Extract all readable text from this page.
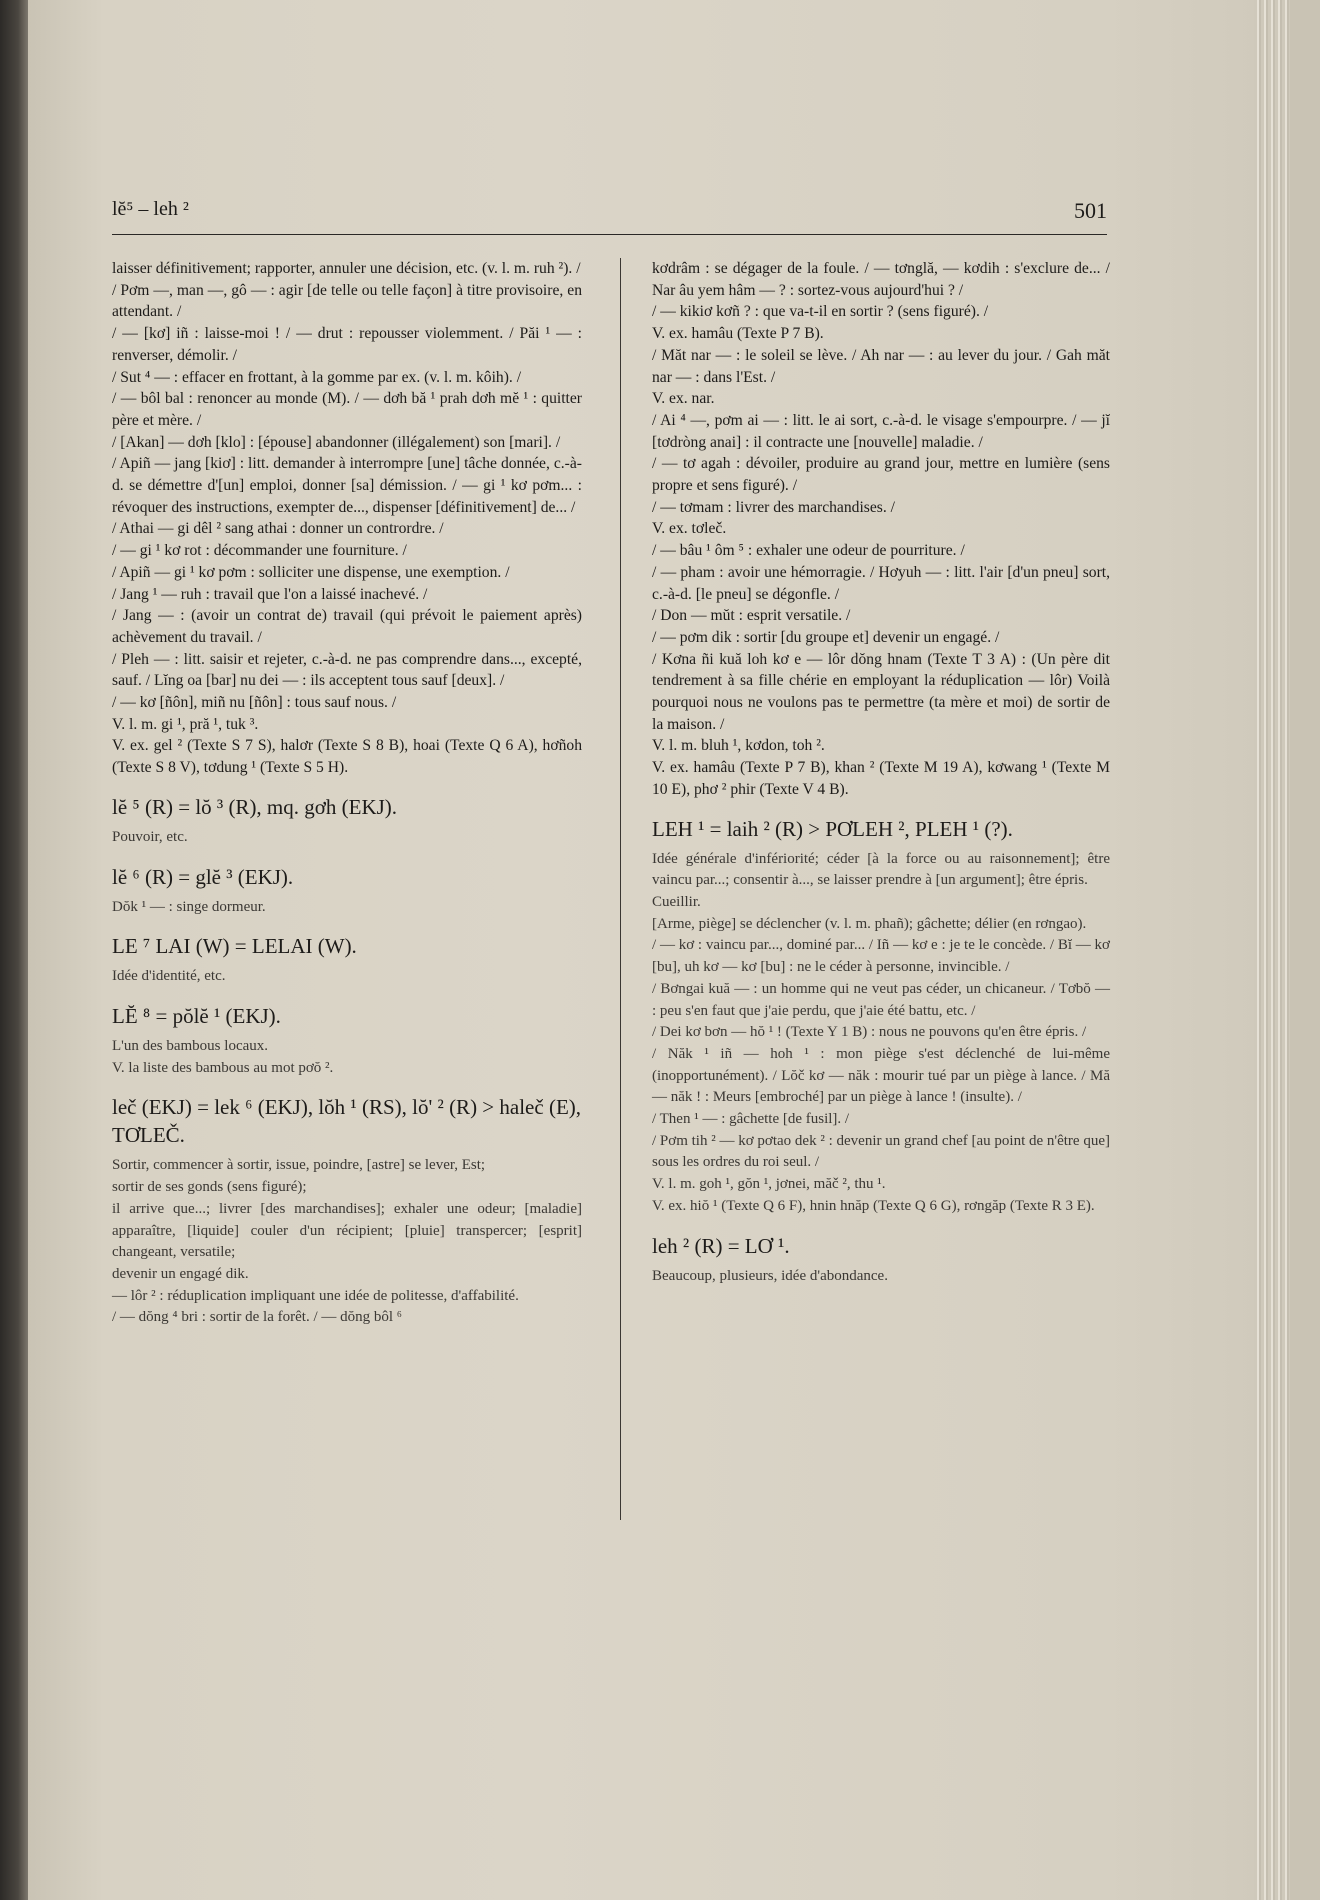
lĕ⁵ – leh ²	501

laisser définitivement; rapporter, annuler une décision, etc. (v. l. m. ruh ²). /

/ Pơm —, man —, gô — : agir [de telle ou telle façon] à titre provisoire, en attendant. /

/ — [kơ] iñ : laisse-moi ! / — drut : repousser violemment. / Păi ¹ — : renverser, démolir. /

/ Sut ⁴ — : effacer en frottant, à la gomme par ex. (v. l. m. kôih). /

/ — bôl bal : renoncer au monde (M). / — dơh bă ¹ prah dơh mĕ ¹ : quitter père et mère. /

/ [Akan] — dơh [klo] : [épouse] abandonner (illégalement) son [mari]. /

/ Apiñ — jang [kiơ] : litt. demander à interrompre [une] tâche donnée, c.-à-d. se démettre d'[un] emploi, donner [sa] démission. / — gi ¹ kơ pơm... : révoquer des instructions, exempter de..., dispenser [définitivement] de... /

/ Athai — gi dêl ² sang athai : donner un contrordre. /

/ — gi ¹ kơ rot : décommander une fourniture. /

/ Apiñ — gi ¹ kơ pơm : solliciter une dispense, une exemption. /

/ Jang ¹ — ruh : travail que l'on a laissé inachevé. /

/ Jang — : (avoir un contrat de) travail (qui prévoit le paiement après) achèvement du travail. /

/ Pleh — : litt. saisir et rejeter, c.-à-d. ne pas comprendre dans..., excepté, sauf. / Lĭng oa [bar] nu dei — : ils acceptent tous sauf [deux]. /

/ — kơ [ñôn], miñ nu [ñôn] : tous sauf nous. /

V. l. m. gi ¹, pră ¹, tuk ³.

V. ex. gel ² (Texte S 7 S), halơr (Texte S 8 B), hoai (Texte Q 6 A), hơñoh (Texte S 8 V), tơdung ¹ (Texte S 5 H).

lĕ ⁵ (R) = lŏ ³ (R), mq. gơh (EKJ).

Pouvoir, etc.

lĕ ⁶ (R) = glĕ ³ (EKJ).

Dŏk ¹ — : singe dormeur.

LE ⁷ LAI (W) = LELAI (W).

Idée d'identité, etc.

LĔ ⁸ = pŏlĕ ¹ (EKJ).

L'un des bambous locaux.

V. la liste des bambous au mot pơŏ ².

leč (EKJ) = lek ⁶ (EKJ), lŏh ¹ (RS), lŏ' ² (R) > haleč (E), TƠLEČ.

Sortir, commencer à sortir, issue, poindre, [astre] se lever, Est;

sortir de ses gonds (sens figuré);

il arrive que...; livrer [des marchandises]; exhaler une odeur; [maladie] apparaître, [liquide] couler d'un récipient; [pluie] transpercer; [esprit] changeant, versatile;

devenir un engagé dik.

— lôr ² : réduplication impliquant une idée de politesse, d'affabilité.

/ — dŏng ⁴ bri : sortir de la forêt. / — dŏng bôl ⁶

kơdrâm : se dégager de la foule. / — tơnglă, — kơdih : s'exclure de... / Nar âu yem hâm — ? : sortez-vous aujourd'hui ? /

/ — kikiơ kơñ ? : que va-t-il en sortir ? (sens figuré). /

V. ex. hamâu (Texte P 7 B).

/ Măt nar — : le soleil se lève. / Ah nar — : au lever du jour. / Gah măt nar — : dans l'Est. /

V. ex. nar.

/ Ai ⁴ —, pơm ai — : litt. le ai sort, c.-à-d. le visage s'empourpre. / — jĭ [tơdròng anai] : il contracte une [nouvelle] maladie. /

/ — tơ agah : dévoiler, produire au grand jour, mettre en lumière (sens propre et sens figuré). /

/ — tơmam : livrer des marchandises. /

V. ex. tơleč.

/ — bâu ¹ ôm ⁵ : exhaler une odeur de pourriture. /

/ — pham : avoir une hémorragie. / Hơyuh — : litt. l'air [d'un pneu] sort, c.-à-d. [le pneu] se dégonfle. /

/ Don — mŭt : esprit versatile. /

/ — pơm dik : sortir [du groupe et] devenir un engagé. /

/ Kơna ñi kuă loh kơ e — lôr dŏng hnam (Texte T 3 A) : (Un père dit tendrement à sa fille chérie en employant la réduplication — lôr) Voilà pourquoi nous ne voulons pas te permettre (ta mère et moi) de sortir de la maison. /

V. l. m. bluh ¹, kơdon, toh ².

V. ex. hamâu (Texte P 7 B), khan ² (Texte M 19 A), kơwang ¹ (Texte M 10 E), phơ ² phir (Texte V 4 B).

LEH ¹ = laih ² (R) > PƠLEH ², PLEH ¹ (?).

Idée générale d'infériorité; céder [à la force ou au raisonnement]; être vaincu par...; consentir à..., se laisser prendre à [un argument]; être épris.

Cueillir.

[Arme, piège] se déclencher (v. l. m. phañ); gâchette; délier (en rơngao).

/ — kơ : vaincu par..., dominé par... / Iñ — kơ e : je te le concède. / Bĭ — kơ [bu], uh kơ — kơ [bu] : ne le céder à personne, invincible. /

/ Bơngai kuă — : un homme qui ne veut pas céder, un chicaneur. / Tơbŏ — : peu s'en faut que j'aie perdu, que j'aie été battu, etc. /

/ Dei kơ bơn — hŏ ¹ ! (Texte Y 1 B) : nous ne pouvons qu'en être épris. /

/ Năk ¹ iñ — hoh ¹ : mon piège s'est déclenché de lui-même (inopportunément). / Lŏč kơ — năk : mourir tué par un piège à lance. / Mă — năk ! : Meurs [embroché] par un piège à lance ! (insulte). /

/ Then ¹ — : gâchette [de fusil]. /

/ Pơm tih ² — kơ pơtao dek ² : devenir un grand chef [au point de n'être que] sous les ordres du roi seul. /

V. l. m. goh ¹, gŏn ¹, jơnei, măč ², thu ¹.

V. ex. hiŏ ¹ (Texte Q 6 F), hnin hnăp (Texte Q 6 G), rơngăp (Texte R 3 E).

leh ² (R) = LƠ ¹.

Beaucoup, plusieurs, idée d'abondance.
